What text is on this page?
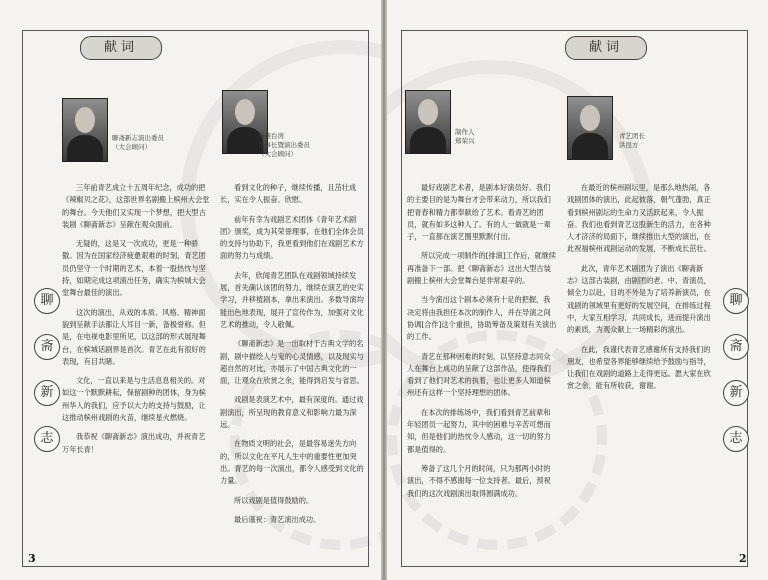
献词
聊斋新志演出委员
（大会顾问）
杨燕台湾
董事长暨演出委员
（大会顾问）
聊
斋
新
志

三年前青艺成立十五周年纪念，成功的把《辣椒贝之花》，这部世界名剧搬上槟州大会堂的舞台。今天他们又实现一个梦想，把大型古装剧《聊斋新志》呈献在观众面前。

无疑的，这是又一次成功，更是一种骄傲。因为在国家经济疲惫艰难的时刻，青艺团员仍坚守一个时期的艺术，本着一股热忱与坚持，如期完成这项演出任务，确实为槟城大会堂舞台最佳的演出。

这次的演出，从戏的本质、风格、精神面貌到呈献手法都让人耳目一新，备极誉称。但是，在电视电影里所见，以这部的形式展现舞台，在槟城话剧界是首次。青艺在此有很好的表现，有目共睹。

文化，一直以来是与生活息息相关的。对如这一个默默耕耘，保留剧种的团体，身为槟州华人的我们，应予以大力的支持与鼓励，让这推动槟州戏剧的火苗，继续星火燃烧。

我恭祝《聊斋新志》演出成功，并祝青艺万年长青！

看到文化的种子，继续传播，且茁壮成长，实在令人振奋、欣慰。

前年有幸为戏剧艺术团体《青年艺术剧团》颁奖，成为其荣誉理事，在他们全体会员的支持与协助下，我更看到他们在戏剧艺术方面的努力与成绩。

去年，欣闻青艺团队在戏剧领域持续发展，首先确认该团的努力，继续在演艺的史实学习，并移植剧本，拿出来演出。多数导演均能出色地表现，展开了宣传作为，加强对文化艺术的推动，令人敬佩。

《聊斋新志》是一出取材于古典文学的名剧，剧中描绘人与鬼的心灵情感，以及现实与超自然的对比，亦展示了中国古典文化的一面，让观众在欣赏之余，能得到启发与省思。

戏剧是表演艺术中，最有深度的。通过戏剧演出，所呈现的教育意义和影响力最为深远。

在物质文明的社会，是最容易迷失方向的，所以文化在平凡人生中的重要性更加突出。青艺的每一次演出，都令人感受到文化的力量。

所以戏剧是值得鼓励的。

最后谨祝：青艺演出成功。

3
献词
制作人
郑荣兴
青艺团长
洪昆方

最好戏剧艺术者，是剧本好演员好。我们的主要目的是为舞台才会带来动力，所以我们把青春和精力都奉献给了艺术。看青艺的团员，就有如多这种人了。有的人一做就是一辈子，一直都在演艺圈里默默付出。

所以完成一项制作的[排演]工作后，就继续再准备下一部。把《聊斋新志》这出大型古装剧搬上槟州大会堂舞台是非常艰辛的。

当今演出这个剧本必须有十足的把握，我决定将由我担任本次的制作人，并在导演之间协调[合作]这个重担，协助筹备及策划有关演出的工作。

青艺在那种困难的时刻，以坚持意志同众人在舞台上成功的呈献了这部作品，使得我们看到了他们对艺术的执着，也让更多人知道槟州还有这样一个坚持理想的团体。

在本次的排练场中，我们看到青艺前辈和年轻团员一起努力，其中的困难与辛苦可想而知，但是他们的热忱令人感动，这一切的努力都是值得的。

筹备了这几个月的时间，只为那两小时的演出，不得不感谢每一位支持者。最后，预祝我们的这次戏剧演出取得圆满成功。

在最近的槟州剧坛里，是那么地热闹，各戏剧团体的演出，此起彼落，朝气蓬勃，真正看到槟州剧坛的生命力又活跃起来，令人振奋。我们也看到青艺这股新生的活力，在各种人才济济的局面下，继续推出大型的演出，在此祝福槟州戏剧运动的发展，不断成长茁壮。

此次，青年艺术剧团为了演出《聊斋新志》这部古装剧，由剧团的老、中、青演员，倾全力以赴，目的不外是为了培养新演员，在戏剧的领域里有更好的发展空间，在排练过程中，大家互相学习，共同成长，进而提升演出的素质，为观众献上一场精彩的演出。

在此，我谨代表青艺感谢所有支持我们的朋友，也希望各界能够继续给予鼓励与指导，让我们在戏剧的道路上走得更远。愿大家在欣赏之余，能有所收获，谢谢。

聊
斋
新
志
2
